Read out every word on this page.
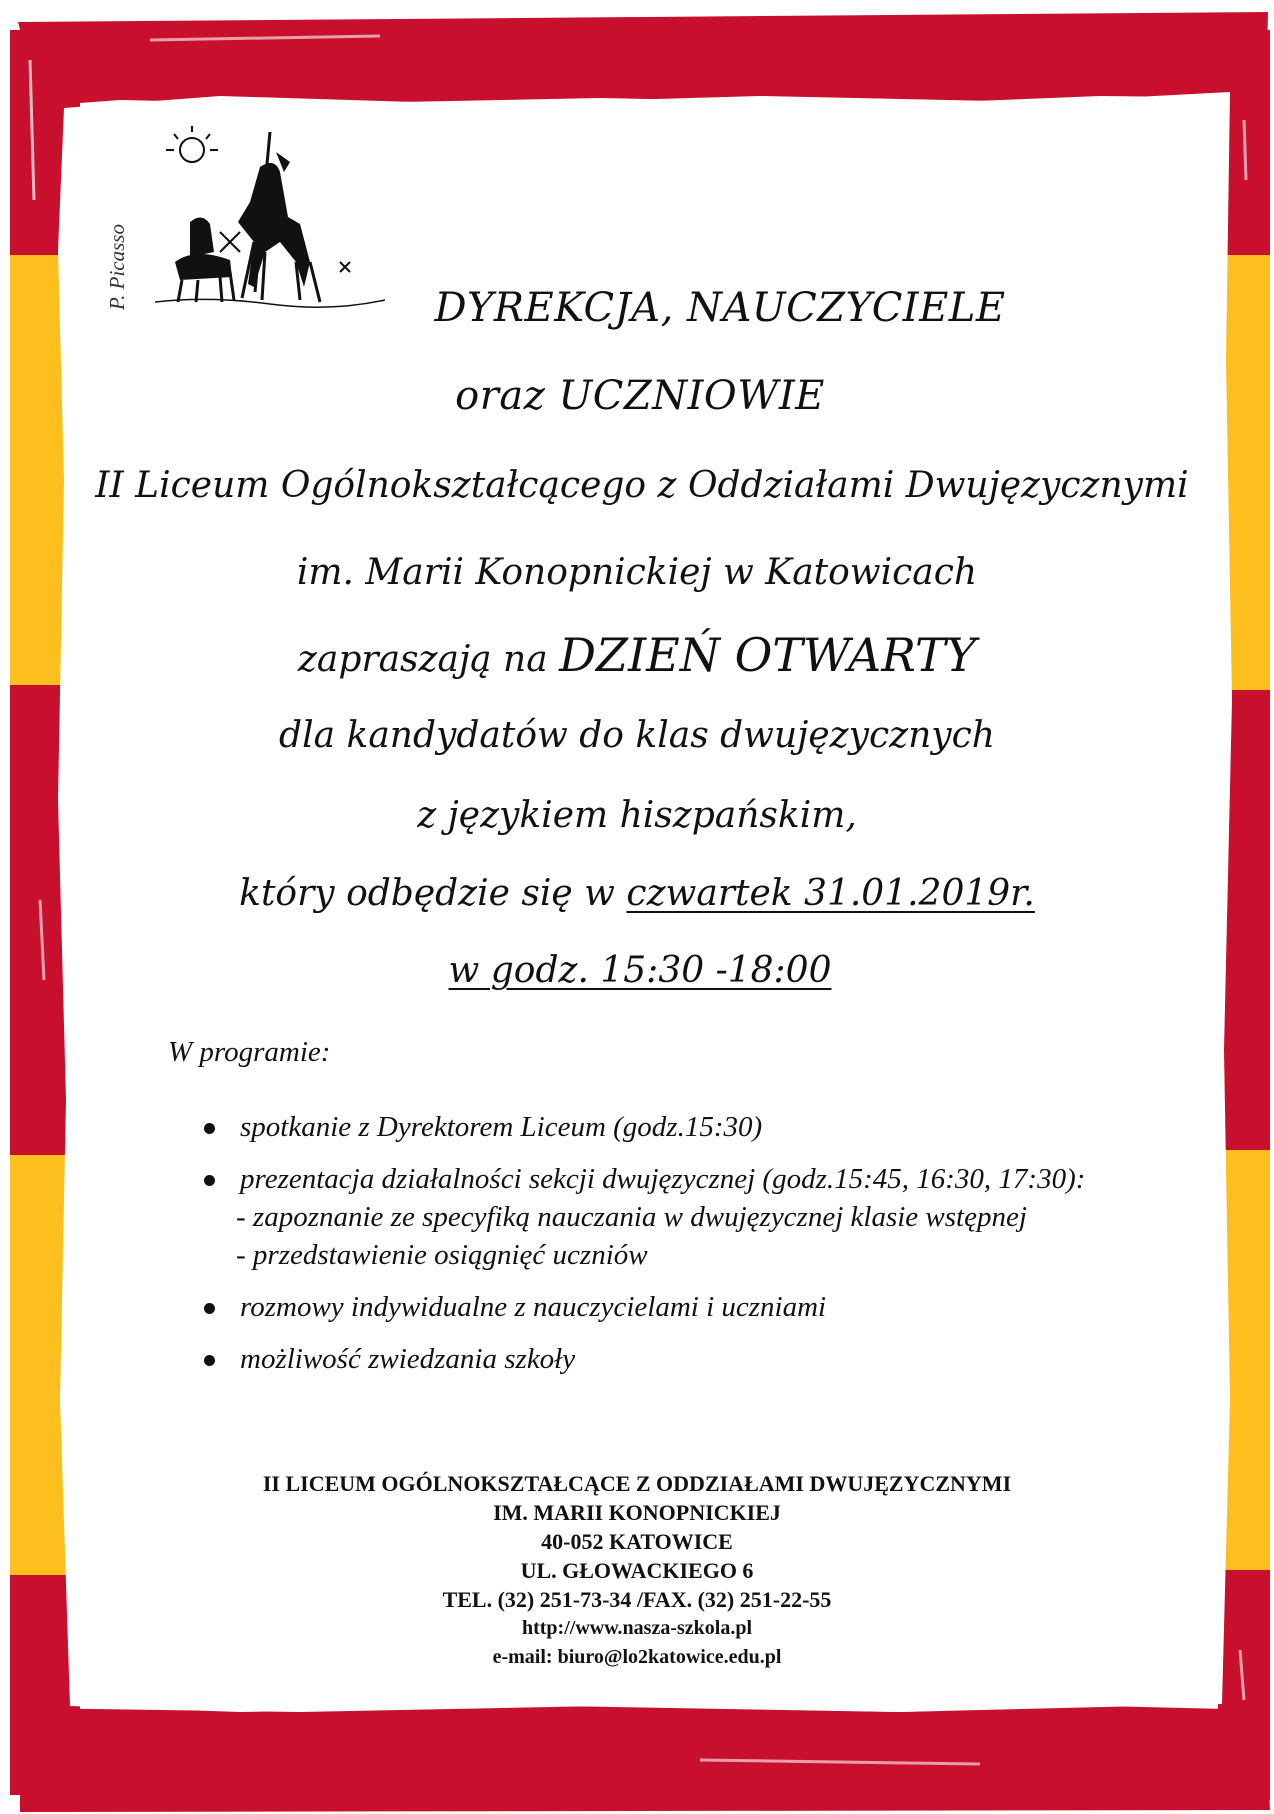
P. Picasso	DYREKCJA, NAUCZYCIELE

oraz UCZNIOWIE

II Liceum Ogólnokształcącego z Oddziałami Dwujęzycznymi

im. Marii Konopnickiej w Katowicach

zapraszają na DZIEŃ OTWARTY

dla kandydatów do klas dwujęzycznych

z językiem hiszpańskim,

który odbędzie się w czwartek 31.01.2019r.

w godz. 15:30 -18:00

W programie:

spotkanie z Dyrektorem Liceum (godz.15:30)
prezentacja działalności sekcji dwujęzycznej (godz.15:45, 16:30, 17:30):
- zapoznanie ze specyfiką nauczania w dwujęzycznej klasie wstępnej
- przedstawienie osiągnięć uczniów
rozmowy indywidualne z nauczycielami i uczniami
możliwość zwiedzania szkoły
II LICEUM OGÓLNOKSZTAŁCĄCE Z ODDZIAŁAMI DWUJĘZYCZNYMI
IM. MARII KONOPNICKIEJ
40-052 KATOWICE
UL. GŁOWACKIEGO 6
TEL. (32) 251-73-34 /FAX. (32) 251-22-55
http://www.nasza-szkola.pl
e-mail: biuro@lo2katowice.edu.pl
